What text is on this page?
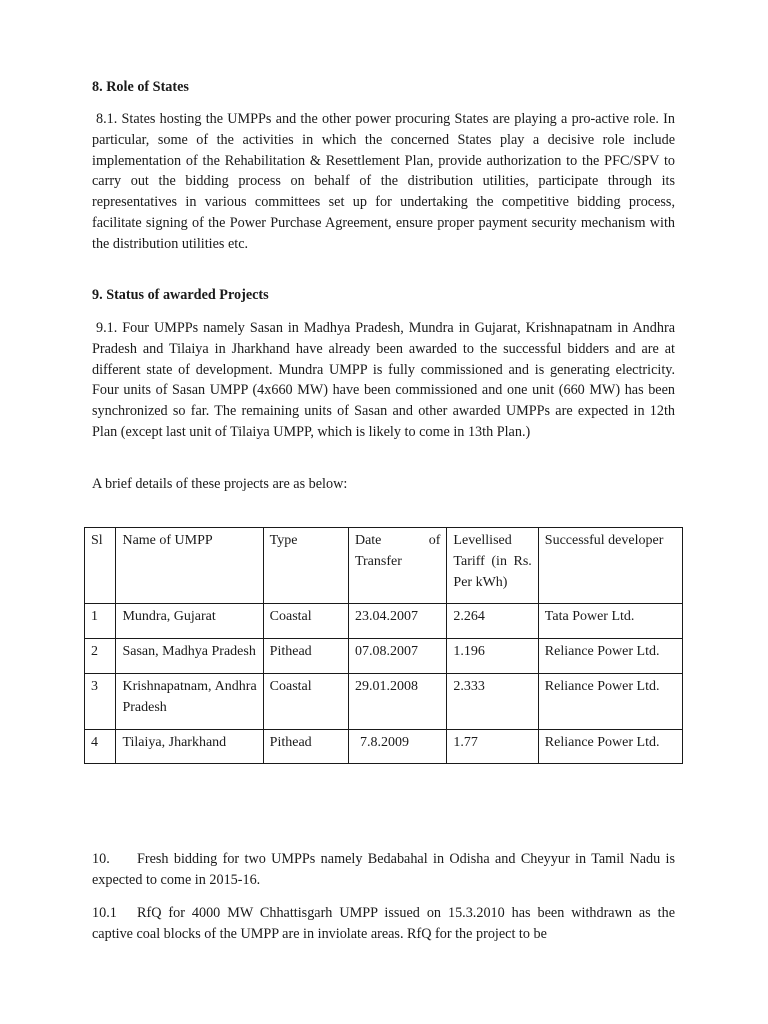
8. Role of States
8.1. States hosting the UMPPs and the other power procuring States are playing a pro-active role. In particular, some of the activities in which the concerned States play a decisive role include implementation of the Rehabilitation & Resettlement Plan, provide authorization to the PFC/SPV to carry out the bidding process on behalf of the distribution utilities, participate through its representatives in various committees set up for undertaking the competitive bidding process, facilitate signing of the Power Purchase Agreement, ensure proper payment security mechanism with the distribution utilities etc.
9. Status of awarded Projects
9.1. Four UMPPs namely Sasan in Madhya Pradesh, Mundra in Gujarat, Krishnapatnam in Andhra Pradesh and Tilaiya in Jharkhand have already been awarded to the successful bidders and are at different state of development. Mundra UMPP is fully commissioned and is generating electricity. Four units of Sasan UMPP (4x660 MW) have been commissioned and one unit (660 MW) has been synchronized so far. The remaining units of Sasan and other awarded UMPPs are expected in 12th Plan (except last unit of Tilaiya UMPP, which is likely to come in 13th Plan.)
A brief details of these projects are as below:
10. Fresh bidding for two UMPPs namely Bedabahal in Odisha and Cheyyur in Tamil Nadu is expected to come in 2015-16.
10.1 RfQ for 4000 MW Chhattisgarh UMPP issued on 15.3.2010 has been withdrawn as the captive coal blocks of the UMPP are in inviolate areas. RfQ for the project to be
Sl	Name of UMPP	Type	Date of Transfer	Levellised Tariff (in Rs. Per kWh)	Successful developer
1	Mundra, Gujarat	Coastal	23.04.2007	2.264	Tata Power Ltd.
2	Sasan, Madhya Pradesh	Pithead	07.08.2007	1.196	Reliance Power Ltd.
3	Krishnapatnam, Andhra Pradesh	Coastal	29.01.2008	2.333	Reliance Power Ltd.
4	Tilaiya, Jharkhand	Pithead	7.8.2009	1.77	Reliance Power Ltd.
